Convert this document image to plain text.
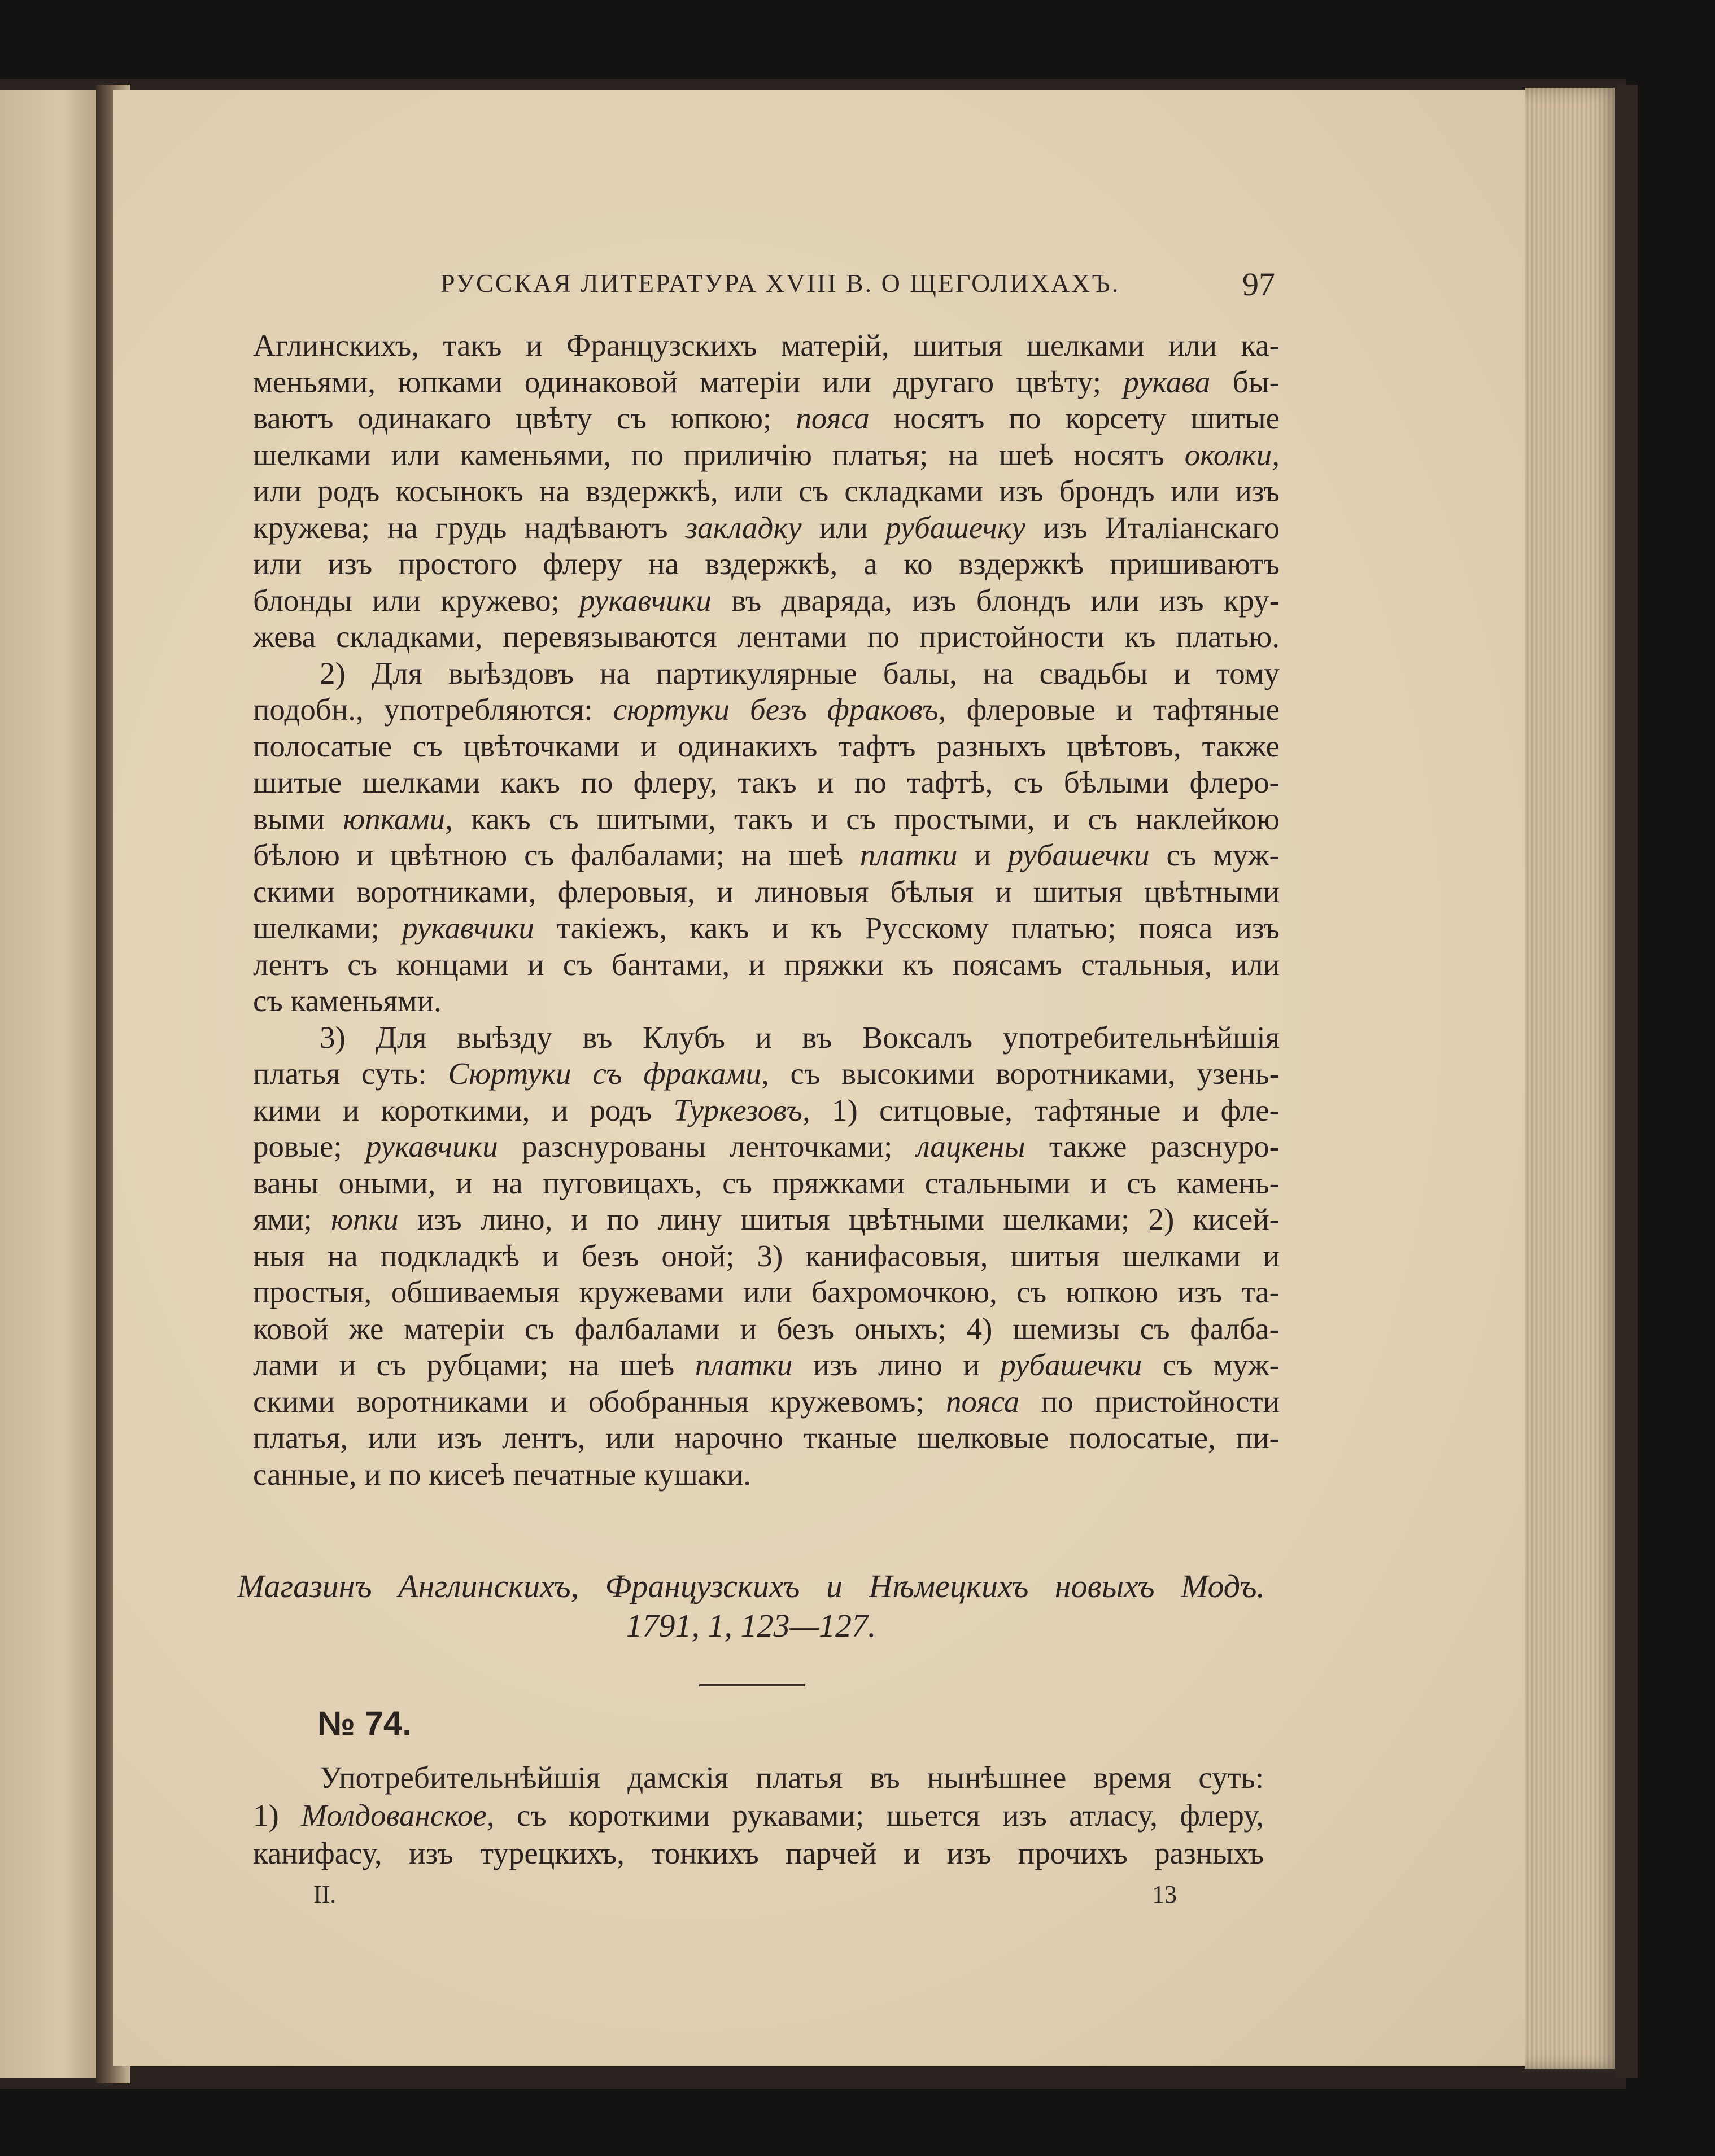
РУССКАЯ ЛИТЕРАТУРА XVIII В. О ЩЕГОЛИХАХЪ.	97
Аглинскихъ, такъ и Французскихъ матерій, шитыя шелками или ка-
меньями, юпками одинаковой матеріи или другаго цвѣту; рукава бы-
ваютъ одинакаго цвѣту съ юпкою; пояса носятъ по корсету шитые
шелками или каменьями, по приличію платья; на шеѣ носятъ околки,
или родъ косынокъ на вздержкѣ, или съ складками изъ брондъ или изъ
кружева; на грудь надѣваютъ закладку или рубашечку изъ Италіанскаго
или изъ простого флеру на вздержкѣ, а ко вздержкѣ пришиваютъ
блонды или кружево; рукавчики въ дваряда, изъ блондъ или изъ кру-
жева складками, перевязываются лентами по пристойности къ платью.
2) Для выѣздовъ на партикулярные балы, на свадьбы и тому
подобн., употребляются: сюртуки безъ фраковъ, флеровые и тафтяные
полосатые съ цвѣточками и одинакихъ тафтъ разныхъ цвѣтовъ, также
шитые шелками какъ по флеру, такъ и по тафтѣ, съ бѣлыми флеро-
выми юпками, какъ съ шитыми, такъ и съ простыми, и съ наклейкою
бѣлою и цвѣтною съ фалбалами; на шеѣ платки и рубашечки съ муж-
скими воротниками, флеровыя, и линовыя бѣлыя и шитыя цвѣтными
шелками; рукавчики такіежъ, какъ и къ Русскому платью; пояса изъ
лентъ съ концами и съ бантами, и пряжки къ поясамъ стальныя, или
съ каменьями.
3) Для выѣзду въ Клубъ и въ Воксалъ употребительнѣйшія
платья суть: Сюртуки съ фраками, съ высокими воротниками, узень-
кими и короткими, и родъ Туркезовъ, 1) ситцовые, тафтяные и фле-
ровые; рукавчики разснурованы ленточками; лацкены также разснуро-
ваны оными, и на пуговицахъ, съ пряжками стальными и съ камень-
ями; юпки изъ лино, и по лину шитыя цвѣтными шелками; 2) кисей-
ныя на подкладкѣ и безъ оной; 3) канифасовыя, шитыя шелками и
простыя, обшиваемыя кружевами или бахромочкою, съ юпкою изъ та-
ковой же матеріи съ фалбалами и безъ оныхъ; 4) шемизы съ фалба-
лами и съ рубцами; на шеѣ платки изъ лино и рубашечки съ муж-
скими воротниками и обобранныя кружевомъ; пояса по пристойности
платья, или изъ лентъ, или нарочно тканые шелковые полосатые, пи-
санные, и по кисеѣ печатные кушаки.
Магазинъ Англинскихъ, Французскихъ и Нѣмецкихъ новыхъ Модъ.
1791, 1, 123—127.
№ 74.
Употребительнѣйшія дамскія платья въ нынѣшнее время суть:
1) Молдованское, съ короткими рукавами; шьется изъ атласу, флеру,
канифасу, изъ турецкихъ, тонкихъ парчей и изъ прочихъ разныхъ
II.	13
